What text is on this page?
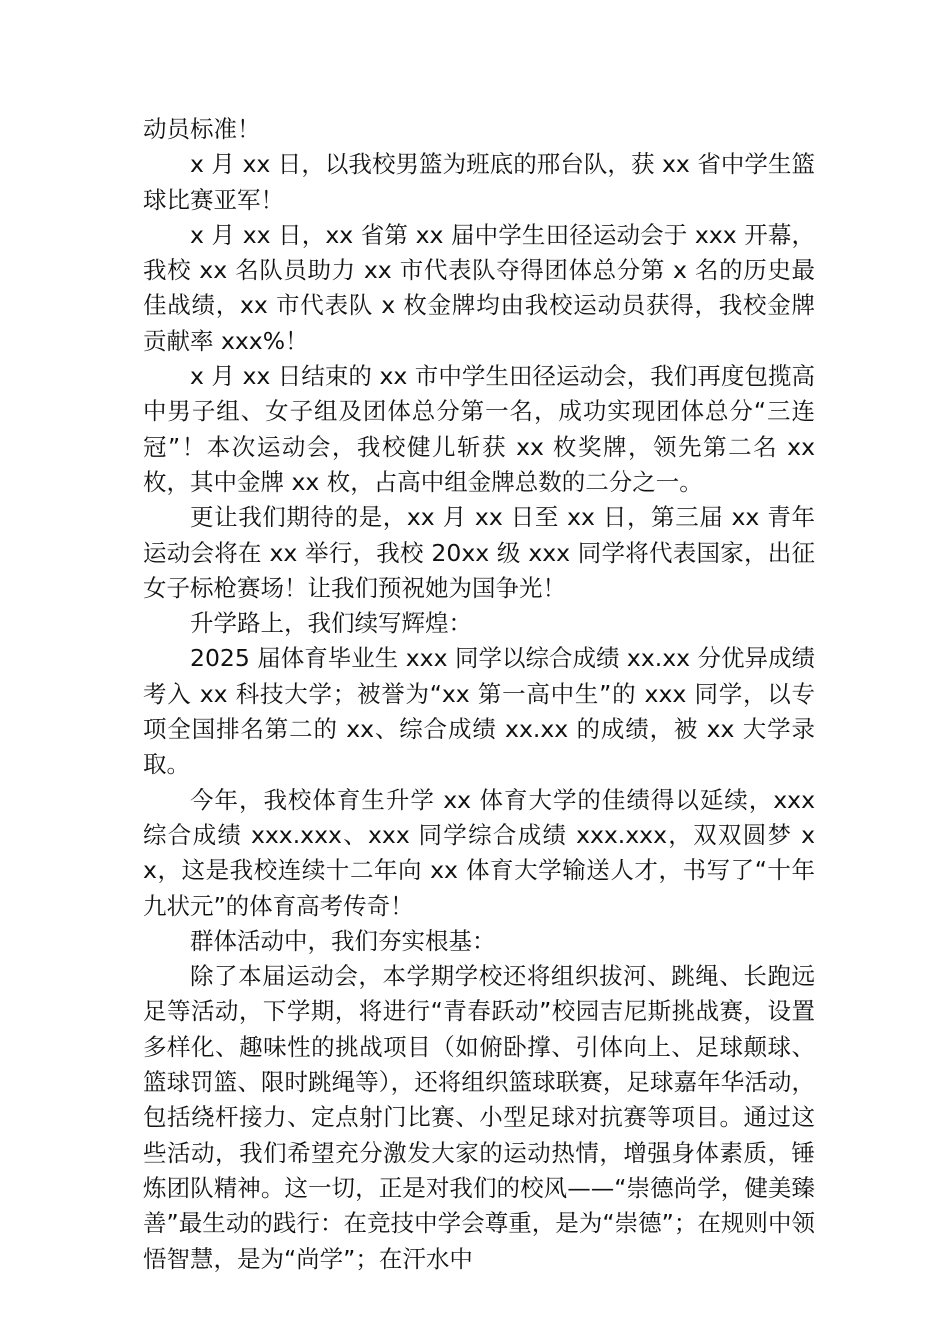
动员标准！

x 月 xx 日，以我校男篮为班底的邢台队，获 xx 省中学生篮球比赛亚军！

x 月 xx 日，xx 省第 xx 届中学生田径运动会于 xxx 开幕，我校 xx 名队员助力 xx 市代表队夺得团体总分第 x 名的历史最佳战绩，xx 市代表队 x 枚金牌均由我校运动员获得，我校金牌贡献率 xxx%！

x 月 xx 日结束的 xx 市中学生田径运动会，我们再度包揽高中男子组、女子组及团体总分第一名，成功实现团体总分“三连冠”！本次运动会，我校健儿斩获 xx 枚奖牌，领先第二名 xx 枚，其中金牌 xx 枚，占高中组金牌总数的二分之一。

更让我们期待的是，xx 月 xx 日至 xx 日，第三届 xx 青年运动会将在 xx 举行，我校 20xx 级 xxx 同学将代表国家，出征女子标枪赛场！让我们预祝她为国争光！

升学路上，我们续写辉煌：

2025 届体育毕业生 xxx 同学以综合成绩 xx.xx 分优异成绩考入 xx 科技大学；被誉为“xx 第一高中生”的 xxx 同学，以专项全国排名第二的 xx、综合成绩 xx.xx 的成绩，被 xx 大学录取。

今年，我校体育生升学 xx 体育大学的佳绩得以延续，xxx 综合成绩 xxx.xxx、xxx 同学综合成绩 xxx.xxx，双双圆梦 xx，这是我校连续十二年向 xx 体育大学输送人才，书写了“十年九状元”的体育高考传奇！

群体活动中，我们夯实根基：

除了本届运动会，本学期学校还将组织拔河、跳绳、长跑远足等活动，下学期，将进行“青春跃动”校园吉尼斯挑战赛，设置多样化、趣味性的挑战项目（如俯卧撑、引体向上、足球颠球、篮球罚篮、限时跳绳等），还将组织篮球联赛，足球嘉年华活动，包括绕杆接力、定点射门比赛、小型足球对抗赛等项目。通过这些活动，我们希望充分激发大家的运动热情，增强身体素质，锤炼团队精神。这一切，正是对我们的校风——“崇德尚学，健美臻善”最生动的践行：在竞技中学会尊重，是为“崇德”；在规则中领悟智慧，是为“尚学”；在汗水中
